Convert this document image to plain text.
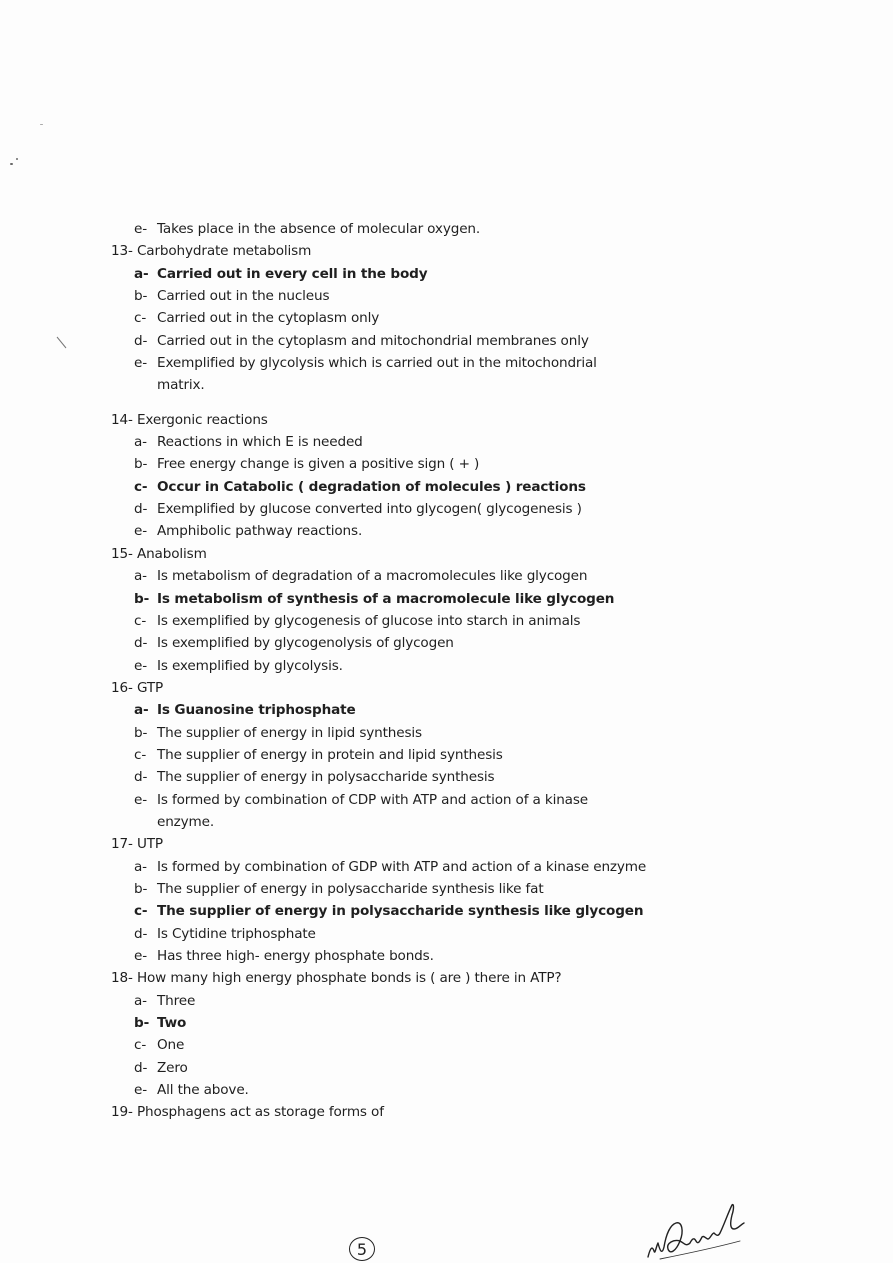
e- Takes place in the absence of molecular oxygen.
13- Carbohydrate metabolism
a- Carried out in every cell in the body
b- Carried out in the nucleus
c- Carried out in the cytoplasm only
d- Carried out in the cytoplasm and mitochondrial membranes only
e- Exemplified by glycolysis which is carried out in the mitochondrial
matrix.
14- Exergonic reactions
a- Reactions in which E is needed
b- Free energy change is given a positive sign ( + )
c- Occur in Catabolic ( degradation of molecules ) reactions
d- Exemplified by glucose converted into glycogen( glycogenesis )
e- Amphibolic pathway reactions.
15- Anabolism
a- Is metabolism of degradation of a macromolecules like glycogen
b- Is metabolism of synthesis of a macromolecule like glycogen
c- Is exemplified by glycogenesis of glucose into starch in animals
d- Is exemplified by glycogenolysis of glycogen
e- Is exemplified by glycolysis.
16- GTP
a- Is Guanosine triphosphate
b- The supplier of energy in lipid synthesis
c- The supplier of energy in protein and lipid synthesis
d- The supplier of energy in polysaccharide synthesis
e- Is formed by combination of CDP with ATP and action of a kinase
enzyme.
17- UTP
a- Is formed by combination of GDP with ATP and action of a kinase enzyme
b- The supplier of energy in polysaccharide synthesis like fat
c- The supplier of energy in polysaccharide synthesis like glycogen
d- Is Cytidine triphosphate
e- Has three high- energy phosphate bonds.
18- How many high energy phosphate bonds is ( are ) there in ATP?
a- Three
b- Two
c- One
d- Zero
e- All the above.
19- Phosphagens act as storage forms of
5
